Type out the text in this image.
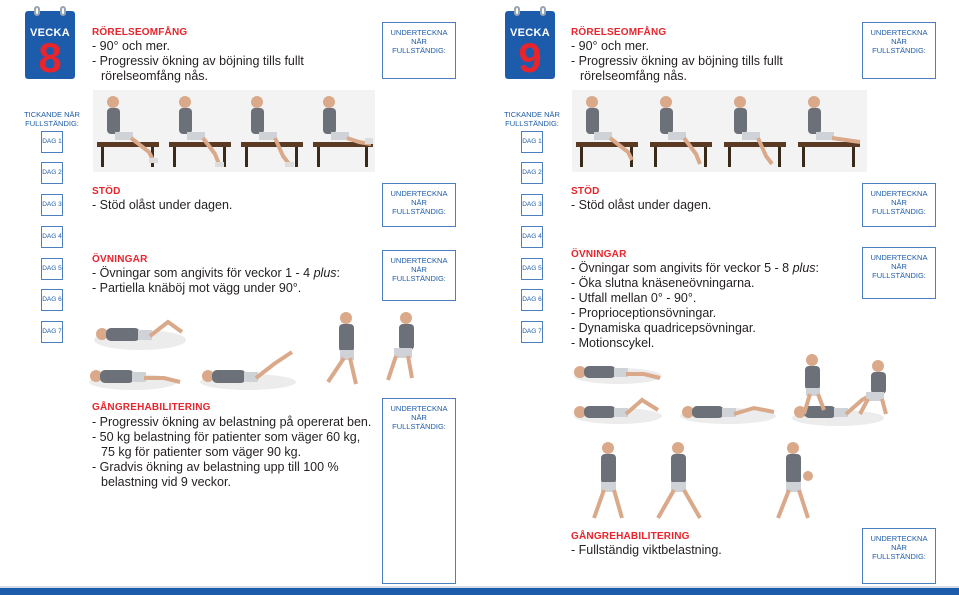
VECKA
8
RÖRELSEOMFÅNG
- 90° och mer.
- Progressiv ökning av böjning tills fullt
rörelseomfång nås.
UNDERTECKNA NÄR
FULLSTÄNDIG:
TICKANDE NÄR
FULLSTÄNDIG:
DAG 1
DAG 2
DAG 3
DAG 4
DAG 5
DAG 6
DAG 7
STÖD
- Stöd olåst under dagen.
UNDERTECKNA NÄR
FULLSTÄNDIG:
ÖVNINGAR
- Övningar som angivits för veckor 1 - 4 plus:
- Partiella knäböj mot vägg under 90°.
UNDERTECKNA NÄR
FULLSTÄNDIG:
GÅNGREHABILITERING
- Progressiv ökning av belastning på opererat ben.
- 50 kg belastning för patienter som väger 60 kg,
75 kg för patienter som väger 90 kg.
- Gradvis ökning av belastning upp till 100 %
belastning vid 9 veckor.
UNDERTECKNA NÄR
FULLSTÄNDIG:
VECKA
9
RÖRELSEOMFÅNG
- 90° och mer.
- Progressiv ökning av böjning tills fullt
rörelseomfång nås.
UNDERTECKNA NÄR
FULLSTÄNDIG:
TICKANDE NÄR
FULLSTÄNDIG:
DAG 1
DAG 2
DAG 3
DAG 4
DAG 5
DAG 6
DAG 7
STÖD
- Stöd olåst under dagen.
UNDERTECKNA NÄR
FULLSTÄNDIG:
ÖVNINGAR
- Övningar som angivits för veckor 5 - 8 plus:
- Öka slutna knäseneövningarna.
- Utfall mellan 0° - 90°.
- Proprioceptionsövningar.
- Dynamiska quadricepsövningar.
- Motionscykel.
UNDERTECKNA NÄR
FULLSTÄNDIG:
GÅNGREHABILITERING
- Fullständig viktbelastning.
UNDERTECKNA NÄR
FULLSTÄNDIG:
